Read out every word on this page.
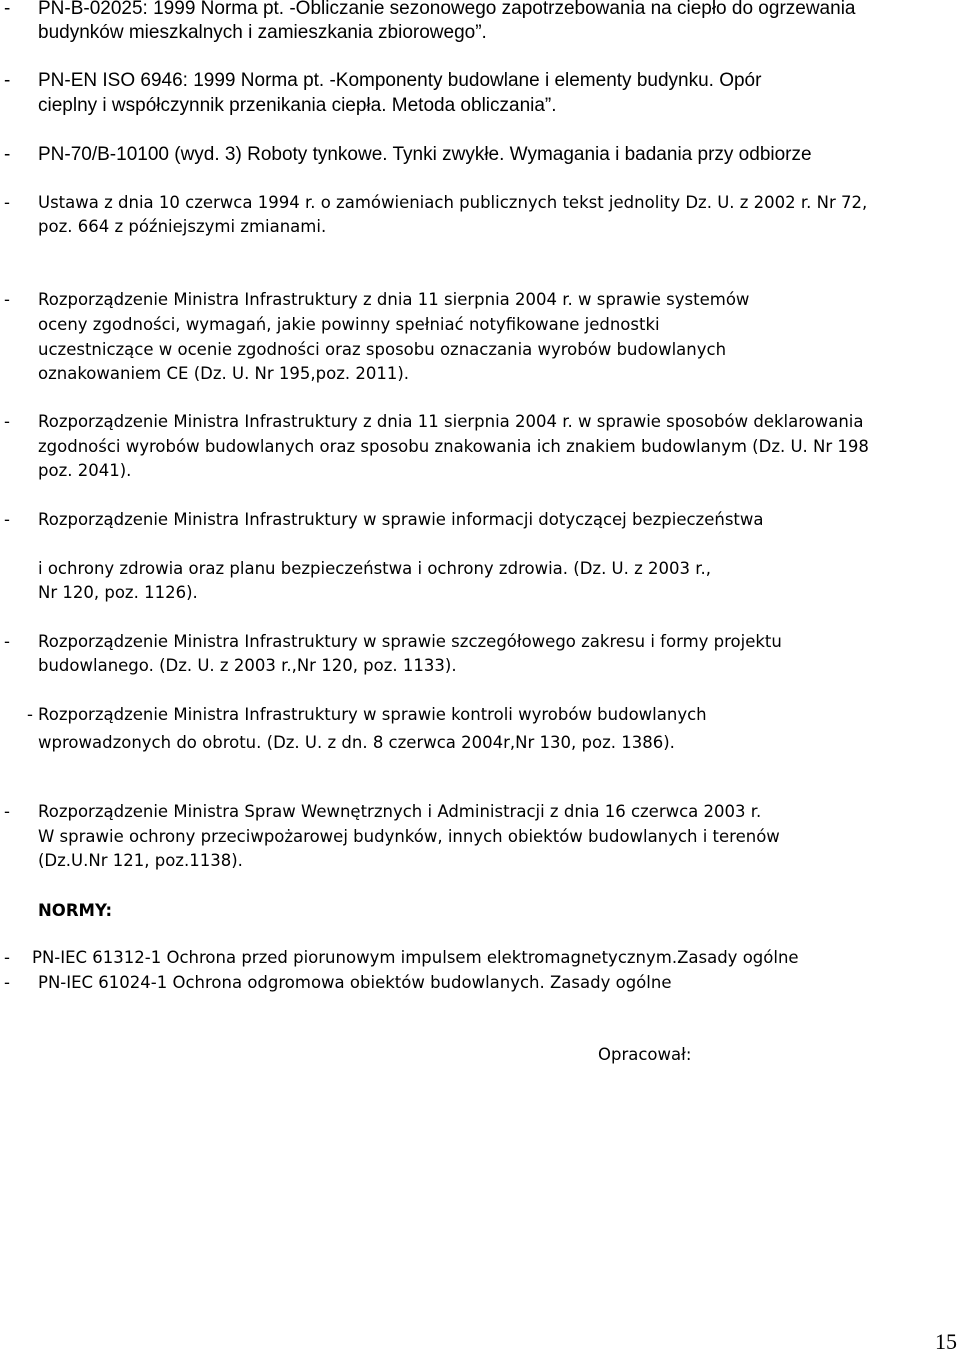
- PN-B-02025: 1999 Norma pt. -Obliczanie sezonowego zapotrzebowania na ciepło do ogrzewania
budynków mieszkalnych i zamieszkania zbiorowego”.
- PN-EN ISO 6946: 1999 Norma pt. -Komponenty budowlane i elementy budynku. Opór
cieplny i współczynnik przenikania ciepła. Metoda obliczania”.
- PN-70/B-10100 (wyd. 3) Roboty tynkowe. Tynki zwykłe. Wymagania i badania przy odbiorze
- Ustawa z dnia 10 czerwca 1994 r. o zamówieniach publicznych tekst jednolity Dz. U. z 2002 r. Nr 72,
poz. 664 z późniejszymi zmianami.
- Rozporządzenie Ministra Infrastruktury z dnia 11 sierpnia 2004 r. w sprawie systemów
oceny zgodności, wymagań, jakie powinny spełniać notyfikowane jednostki
uczestniczące w ocenie zgodności oraz sposobu oznaczania wyrobów budowlanych
oznakowaniem CE (Dz. U. Nr 195,poz. 2011).
- Rozporządzenie Ministra Infrastruktury z dnia 11 sierpnia 2004 r. w sprawie sposobów deklarowania
zgodności wyrobów budowlanych oraz sposobu znakowania ich znakiem budowlanym (Dz. U. Nr 198
poz. 2041).
- Rozporządzenie Ministra Infrastruktury w sprawie informacji dotyczącej bezpieczeństwa
i ochrony zdrowia oraz planu bezpieczeństwa i ochrony zdrowia. (Dz. U. z 2003 r.,
Nr 120, poz. 1126).
- Rozporządzenie Ministra Infrastruktury w sprawie szczegółowego zakresu i formy projektu
budowlanego. (Dz. U. z 2003 r.,Nr 120, poz. 1133).
- Rozporządzenie Ministra Infrastruktury w sprawie kontroli wyrobów budowlanych
wprowadzonych do obrotu. (Dz. U. z dn. 8 czerwca 2004r,Nr 130, poz. 1386).
- Rozporządzenie Ministra Spraw Wewnętrznych i Administracji z dnia 16 czerwca 2003 r.
W sprawie ochrony przeciwpożarowej budynków, innych obiektów budowlanych i terenów
(Dz.U.Nr 121, poz.1138).
NORMY:
- PN-IEC 61312-1 Ochrona przed piorunowym impulsem elektromagnetycznym.Zasady ogólne
- PN-IEC 61024-1 Ochrona odgromowa obiektów budowlanych. Zasady ogólne
Opracował:
15
